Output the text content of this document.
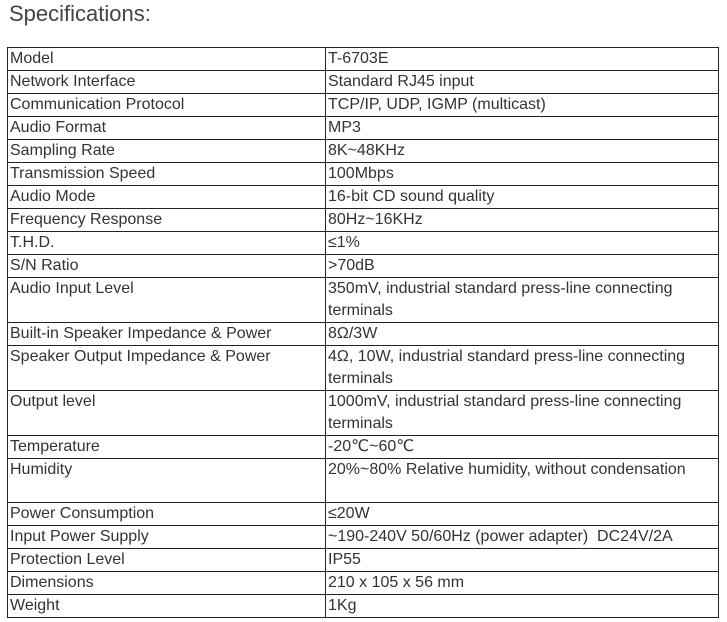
Specifications:
Model	T-6703E
Network Interface	Standard RJ45 input
Communication Protocol	TCP/IP, UDP, IGMP (multicast)
Audio Format	MP3
Sampling Rate	8K~48KHz
Transmission Speed	100Mbps
Audio Mode	16-bit CD sound quality
Frequency Response	80Hz~16KHz
T.H.D.	≤1%
S/N Ratio	>70dB
Audio Input Level	350mV, industrial standard press-line connecting terminals
Built-in Speaker Impedance & Power	8Ω/3W
Speaker Output Impedance & Power	4Ω, 10W, industrial standard press-line connecting terminals
Output level	1000mV, industrial standard press-line connecting terminals
Temperature	-20℃~60℃
Humidity	20%~80% Relative humidity, without condensation
Power Consumption	≤20W
Input Power Supply	~190-240V 50/60Hz (power adapter)  DC24V/2A
Protection Level	IP55
Dimensions	210 x 105 x 56 mm
Weight	1Kg
